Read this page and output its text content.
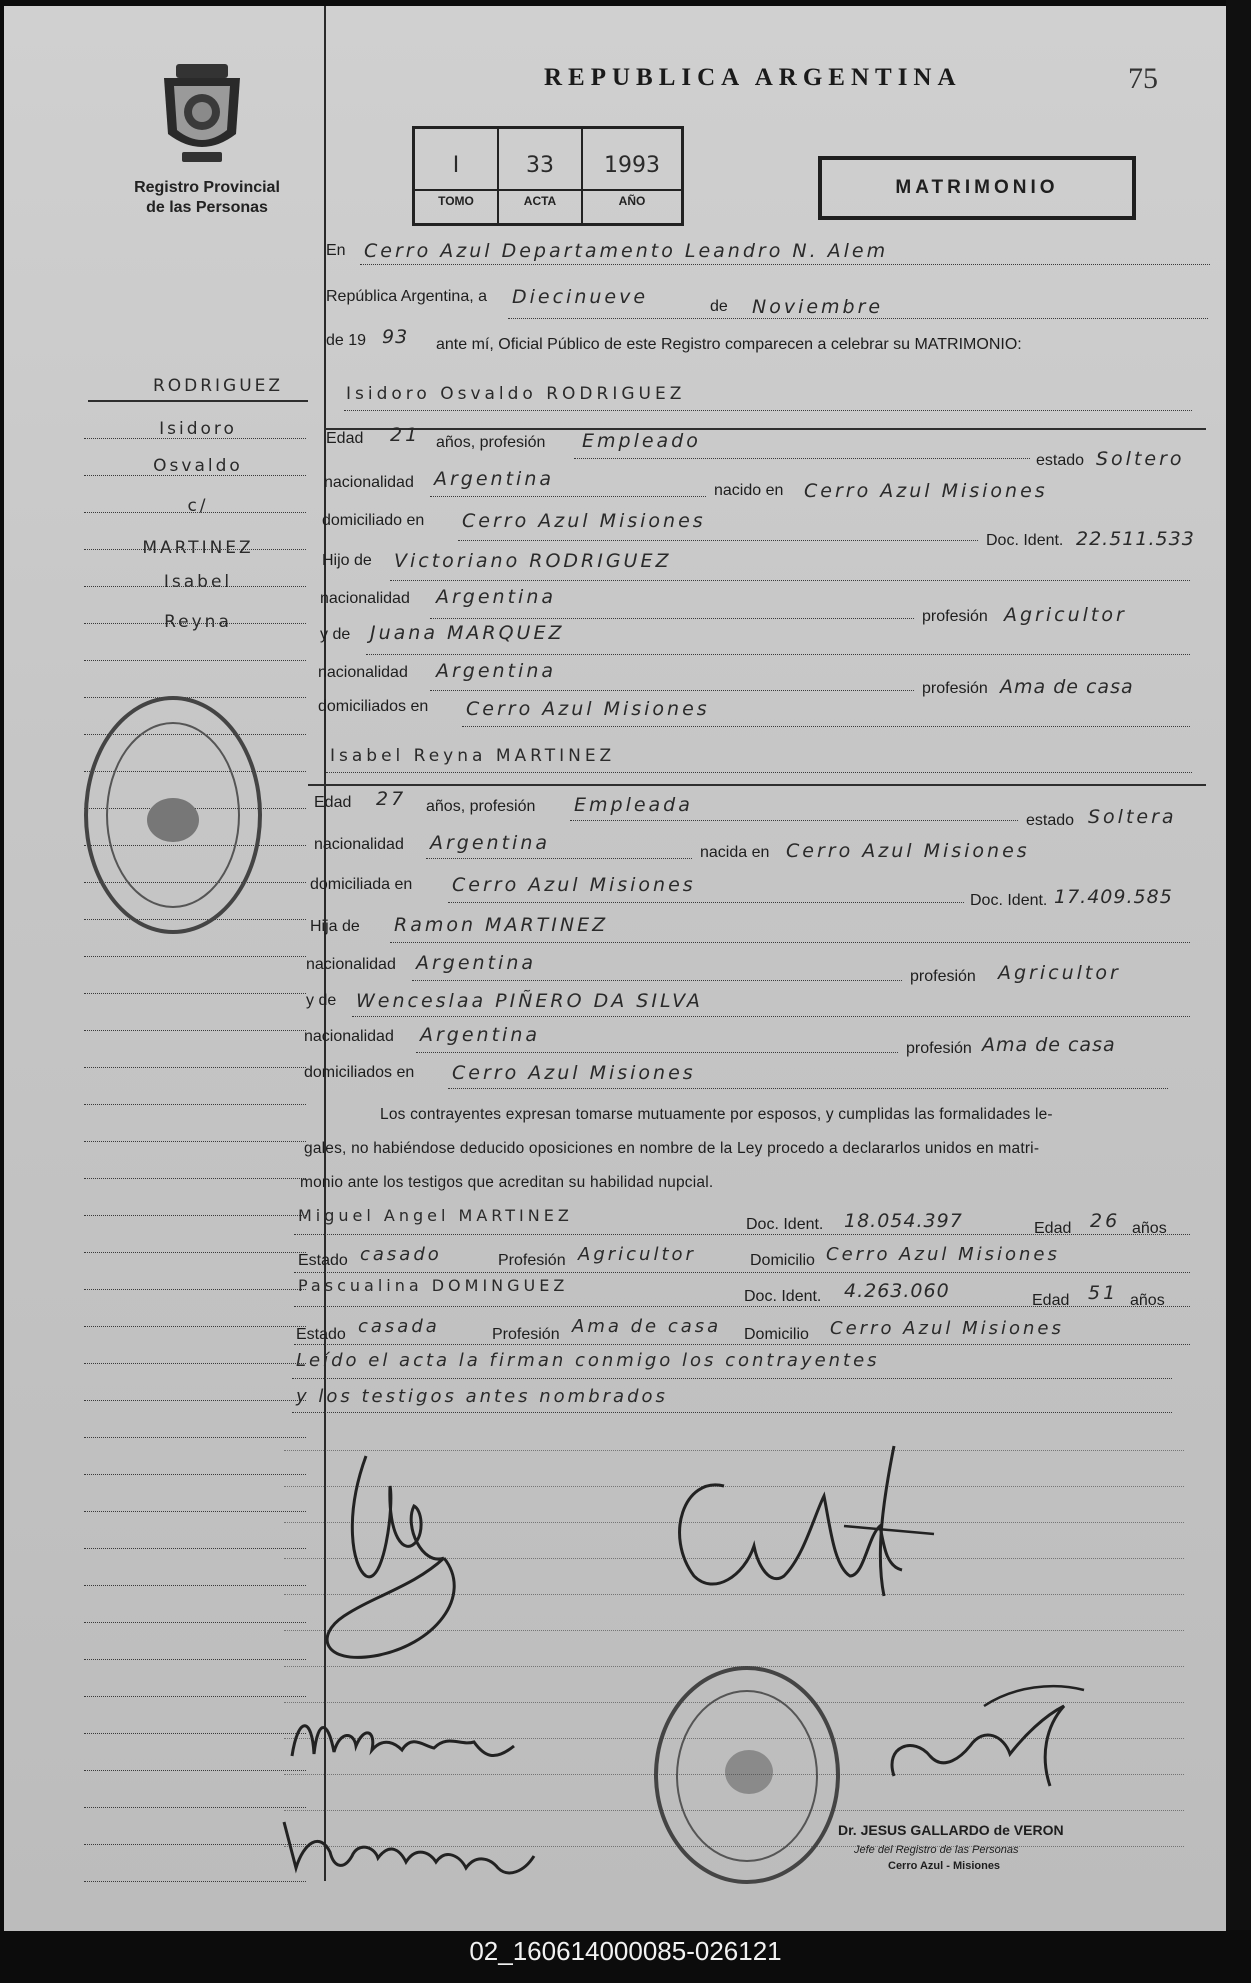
Registro Provincial
de las Personas
REPUBLICA ARGENTINA	75
I
TOMO
33
ACTA
1993
AÑO
MATRIMONIO
En Cerro Azul Departamento Leandro N. Alem
República Argentina, a Diecinueve	de Noviembre
de 19 93 ante mí, Oficial Público de este Registro comparecen a celebrar su MATRIMONIO:
RODRIGUEZ
Isidoro
Osvaldo
c/
MARTINEZ
Isabel
Reyna
Isidoro Osvaldo RODRIGUEZ
Edad 21 años, profesión Empleado
estado Soltero
nacionalidad Argentina
nacido en Cerro Azul Misiones
domiciliado en Cerro Azul Misiones
Doc. Ident. 22.511.533
Hijo de Victoriano RODRIGUEZ
nacionalidad Argentina
profesión Agricultor
y de Juana MARQUEZ
nacionalidad Argentina
profesión Ama de casa
domiciliados en Cerro Azul Misiones
Isabel Reyna MARTINEZ
Edad 27 años, profesión Empleada
estado Soltera
nacionalidad Argentina	nacida en Cerro Azul Misiones
domiciliada en Cerro Azul Misiones
Doc. Ident. 17.409.585
Hija de Ramon MARTINEZ
nacionalidad Argentina
profesión Agricultor
y de Wenceslaa PIÑERO DA SILVA
nacionalidad Argentina
profesión Ama de casa
domiciliados en Cerro Azul Misiones
Los contrayentes expresan tomarse mutuamente por esposos, y cumplidas las formalidades le-
gales, no habiéndose deducido oposiciones en nombre de la Ley procedo a declararlos unidos en matri-
monio ante los testigos que acreditan su habilidad nupcial.
Miguel Angel MARTINEZ	Doc. Ident. 18.054.397	Edad 26 años
Estado casado	Profesión Agricultor	Domicilio Cerro Azul Misiones
Pascualina DOMINGUEZ
Doc. Ident. 4.263.060	Edad 51 años
Estado casada	Profesión Ama de casa Domicilio Cerro Azul Misiones
Leído el acta la firman conmigo los contrayentes
y los testigos antes nombrados
Dr. JESUS GALLARDO de VERON
Jefe del Registro de las Personas
Cerro Azul - Misiones
02_160614000085-026121
